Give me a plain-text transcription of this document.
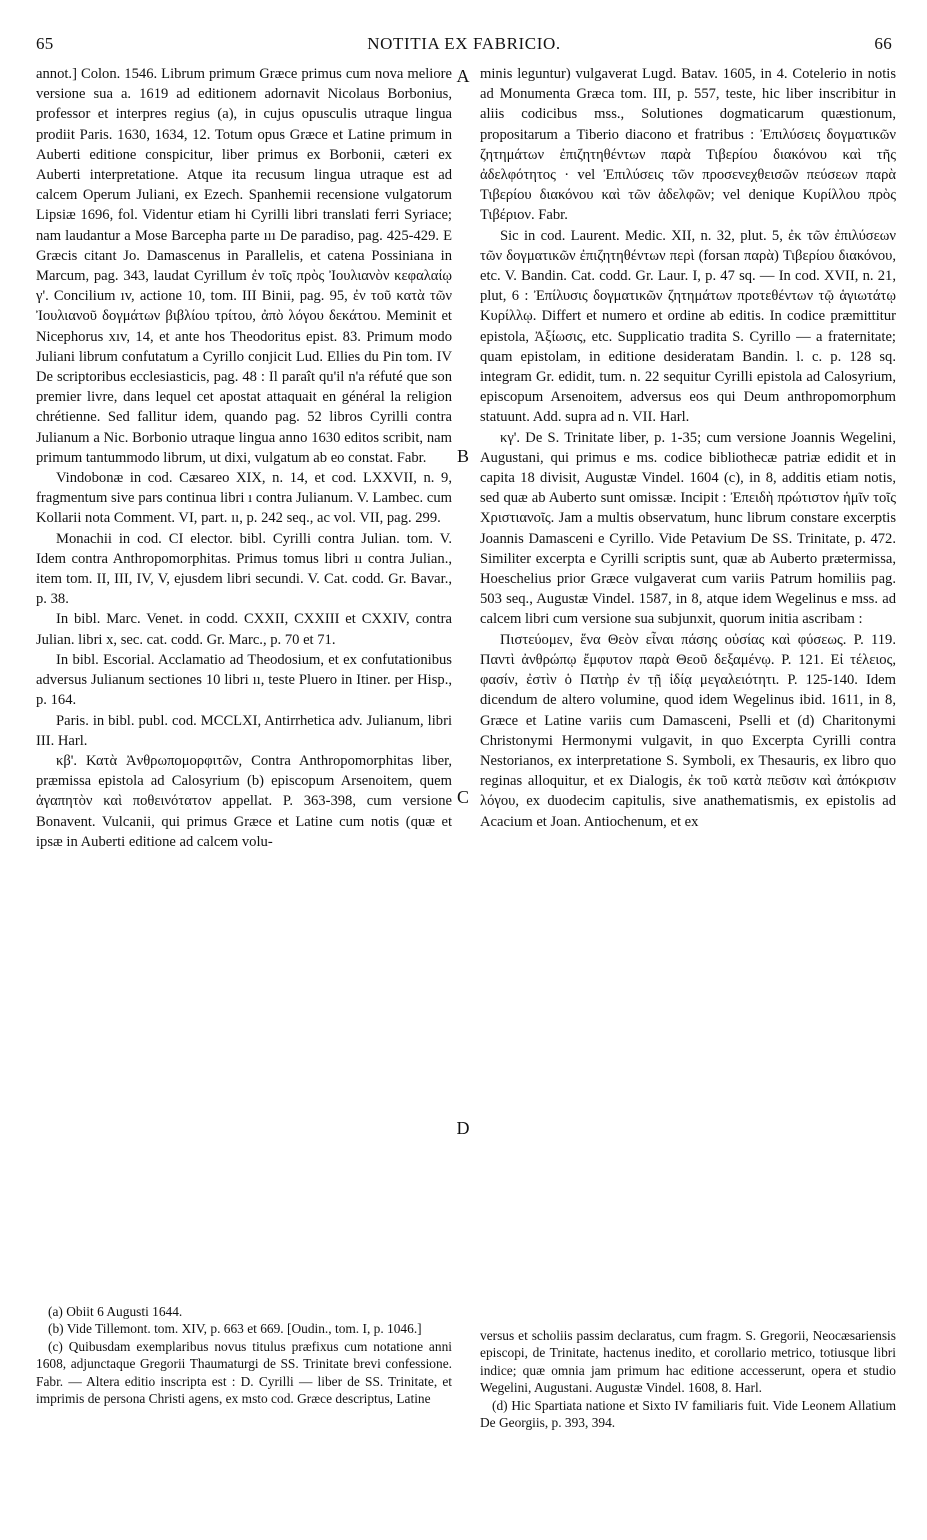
65	NOTITIA EX FABRICIO.	66

annot.] Colon. 1546. Librum primum Græce primus cum nova meliore versione sua a. 1619 ad editionem adornavit Nicolaus Borbonius, professor et interpres regius (a), in cujus opusculis utraque lingua prodiit Paris. 1630, 1634, 12. Totum opus Græce et Latine primum in Auberti editione conspicitur, liber primus ex Borbonii, cæteri ex Auberti interpretatione. Atque ita recusum lingua utraque est ad calcem Operum Juliani, ex Ezech. Spanhemii recensione vulgatorum Lipsiæ 1696, fol. Videntur etiam hi Cyrilli libri translati ferri Syriace; nam laudantur a Mose Barcepha parte ııı De paradiso, pag. 425-429. E Græcis citant Jo. Damascenus in Parallelis, et catena Possiniana in Marcum, pag. 343, laudat Cyrillum ἐν τοῖς πρὸς Ἰουλιανὸν κεφαλαίῳ γ'. Concilium ıv, actione 10, tom. III Binii, pag. 95, ἐν τοῦ κατὰ τῶν Ἰουλιανοῦ δογμάτων βιβλίου τρίτου, ἀπὸ λόγου δεκάτου. Meminit et Nicephorus xıv, 14, et ante hos Theodoritus epist. 83. Primum modo Juliani librum confutatum a Cyrillo conjicit Lud. Ellies du Pin tom. IV De scriptoribus ecclesiasticis, pag. 48 : Il paraît qu'il n'a réfuté que son premier livre, dans lequel cet apostat attaquait en général la religion chrétienne. Sed fallitur idem, quando pag. 52 libros Cyrilli contra Julianum a Nic. Borbonio utraque lingua anno 1630 editos scribit, nam primum tantummodo librum, ut dixi, vulgatum ab eo constat. Fabr.

Vindobonæ in cod. Cæsareo XIX, n. 14, et cod. LXXVII, n. 9, fragmentum sive pars continua libri ı contra Julianum. V. Lambec. cum Kollarii nota Comment. VI, part. ıı, p. 242 seq., ac vol. VII, pag. 299.

Monachii in cod. CI elector. bibl. Cyrilli contra Julian. tom. V. Idem contra Anthropomorphitas. Primus tomus libri ıı contra Julian., item tom. II, III, IV, V, ejusdem libri secundi. V. Cat. codd. Gr. Bavar., p. 38.

In bibl. Marc. Venet. in codd. CXXII, CXXIII et CXXIV, contra Julian. libri x, sec. cat. codd. Gr. Marc., p. 70 et 71.

In bibl. Escorial. Acclamatio ad Theodosium, et ex confutationibus adversus Julianum sectiones 10 libri ıı, teste Pluero in Itiner. per Hisp., p. 164.

Paris. in bibl. publ. cod. MCCLXI, Antirrhetica adv. Julianum, libri III. Harl.

κβ'. Κατὰ Ἀνθρωπομορφιτῶν, Contra Anthropomorphitas liber, præmissa epistola ad Calosyrium (b) episcopum Arsenoitem, quem ἀγαπητὸν καὶ ποθεινότατον appellat. P. 363-398, cum versione Bonavent. Vulcanii, qui primus Græce et Latine cum notis (quæ et ipsæ in Auberti editione ad calcem volu-

minis leguntur) vulgaverat Lugd. Batav. 1605, in 4. Cotelerio in notis ad Monumenta Græca tom. III, p. 557, teste, hic liber inscribitur in aliis codicibus mss., Solutiones dogmaticarum quæstionum, propositarum a Tiberio diacono et fratribus : Ἐπιλύσεις δογματικῶν ζητημάτων ἐπιζητηθέντων παρὰ Τιβερίου διακόνου καὶ τῆς ἀδελφότητος · vel Ἐπιλύσεις τῶν προσενεχθεισῶν πεύσεων παρὰ Τιβερίου διακόνου καὶ τῶν ἀδελφῶν; vel denique Κυρίλλου πρὸς Τιβέριον. Fabr.

Sic in cod. Laurent. Medic. XII, n. 32, plut. 5, ἐκ τῶν ἐπιλύσεων τῶν δογματικῶν ἐπιζητηθέντων περὶ (forsan παρὰ) Τιβερίου διακόνου, etc. V. Bandin. Cat. codd. Gr. Laur. I, p. 47 sq. — In cod. XVII, n. 21, plut, 6 : Ἐπίλυσις δογματικῶν ζητημάτων προτεθέντων τῷ ἁγιωτάτῳ Κυρίλλῳ. Differt et numero et ordine ab editis. In codice præmittitur epistola, Ἀξίωσις, etc. Supplicatio tradita S. Cyrillo — a fraternitate; quam epistolam, in editione desideratam Bandin. l. c. p. 128 sq. integram Gr. edidit, tum. n. 22 sequitur Cyrilli epistola ad Calosyrium, episcopum Arsenoitem, adversus eos qui Deum anthropomorphum statuunt. Add. supra ad n. VII. Harl.

κγ'. De S. Trinitate liber, p. 1-35; cum versione Joannis Wegelini, Augustani, qui primus e ms. codice bibliothecæ patriæ edidit et in capita 18 divisit, Augustæ Vindel. 1604 (c), in 8, additis etiam notis, sed quæ ab Auberto sunt omissæ. Incipit : Ἐπειδὴ πρώτιστον ἡμῖν τοῖς Χριστιανοῖς. Jam a multis observatum, hunc librum constare excerptis Joannis Damasceni e Cyrillo. Vide Petavium De SS. Trinitate, p. 472. Similiter excerpta e Cyrilli scriptis sunt, quæ ab Auberto prætermissa, Hoeschelius prior Græce vulgaverat cum variis Patrum homiliis pag. 503 seq., Augustæ Vindel. 1587, in 8, atque idem Wegelinus e mss. ad calcem libri cum versione sua subjunxit, quorum initia ascribam :

Πιστεύομεν, ἕνα Θεὸν εἶναι πάσης οὐσίας καὶ φύσεως. P. 119. Παντὶ ἀνθρώπῳ ἔμφυτον παρὰ Θεοῦ δεξαμένῳ. P. 121. Εἰ τέλειος, φασίν, ἐστὶν ὁ Πατὴρ ἐν τῇ ἰδίᾳ μεγαλειότητι. P. 125-140. Idem dicendum de altero volumine, quod idem Wegelinus ibid. 1611, in 8, Græce et Latine variis cum Damasceni, Pselli et (d) Charitonymi Christonymi Hermonymi vulgavit, in quo Excerpta Cyrilli contra Nestorianos, ex interpretatione S. Symboli, ex Thesauris, ex libro quo reginas alloquitur, et ex Dialogis, ἐκ τοῦ κατὰ πεῦσιν καὶ ἀπόκρισιν λόγου, ex duodecim capitulis, sive anathematismis, ex epistolis ad Acacium et Joan. Antiochenum, et ex

A
B
C
D

(a) Obiit 6 Augusti 1644.

(b) Vide Tillemont. tom. XIV, p. 663 et 669. [Oudin., tom. I, p. 1046.]

(c) Quibusdam exemplaribus novus titulus præfixus cum notatione anni 1608, adjunctaque Gregorii Thaumaturgi de SS. Trinitate brevi confessione. Fabr. — Altera editio inscripta est : D. Cyrilli — liber de SS. Trinitate, et imprimis de persona Christi agens, ex msto cod. Græce descriptus, Latine

versus et scholiis passim declaratus, cum fragm. S. Gregorii, Neocæsariensis episcopi, de Trinitate, hactenus inedito, et corollario metrico, totiusque libri indice; quæ omnia jam primum hac editione accesserunt, opera et studio Wegelini, Augustani. Augustæ Vindel. 1608, 8. Harl.

(d) Hic Spartiata natione et Sixto IV familiaris fuit. Vide Leonem Allatium De Georgiis, p. 393, 394.
